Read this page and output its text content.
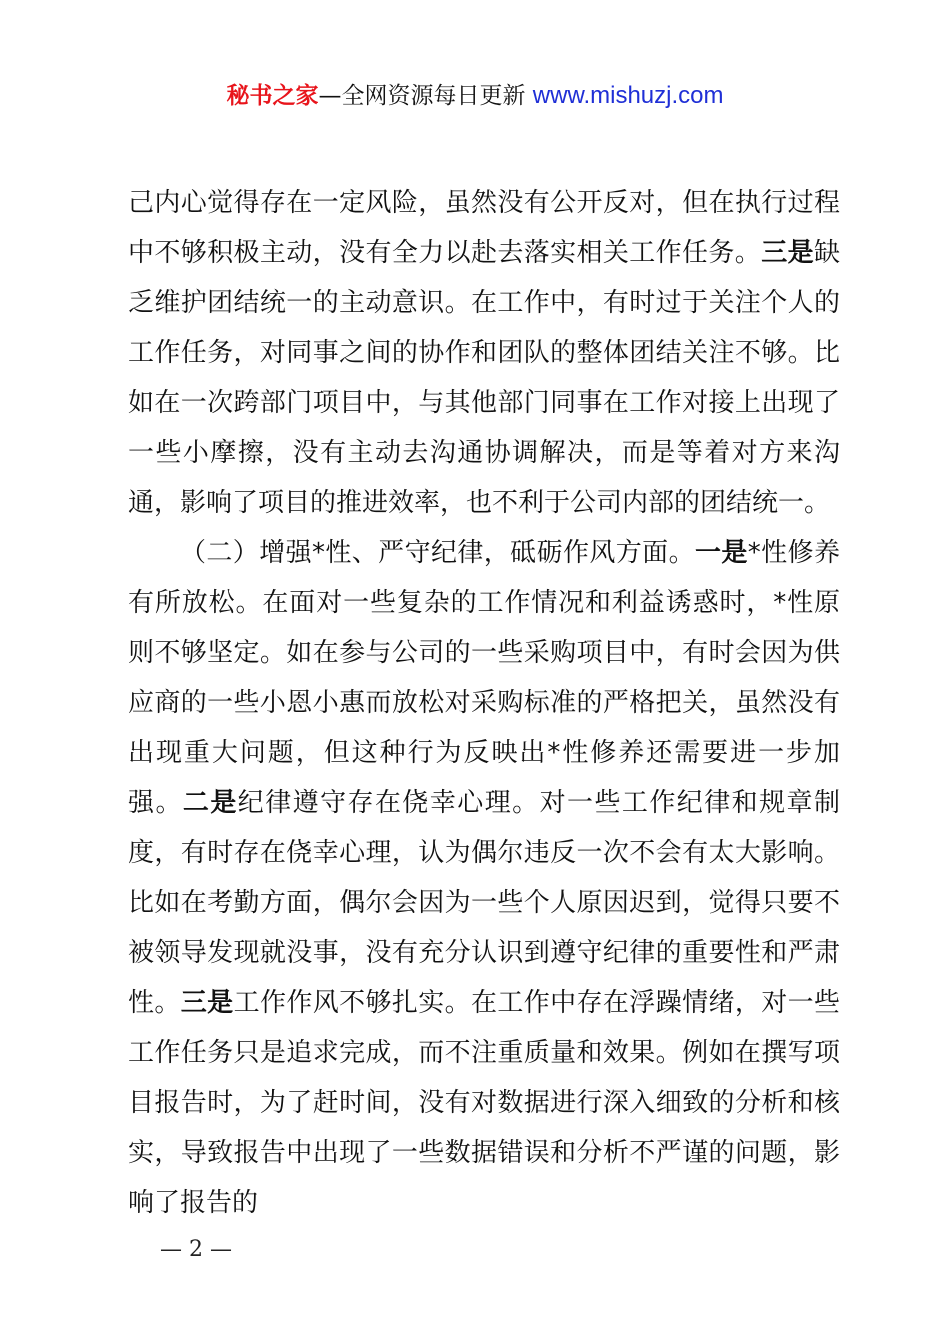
秘书之家—全网资源每日更新 www.mishuzj.com

己内心觉得存在一定风险，虽然没有公开反对，但在执行过程中不够积极主动，没有全力以赴去落实相关工作任务。三是缺乏维护团结统一的主动意识。在工作中，有时过于关注个人的工作任务，对同事之间的协作和团队的整体团结关注不够。比如在一次跨部门项目中，与其他部门同事在工作对接上出现了一些小摩擦，没有主动去沟通协调解决，而是等着对方来沟通，影响了项目的推进效率，也不利于公司内部的团结统一。

（二）增强*性、严守纪律，砥砺作风方面。一是*性修养有所放松。在面对一些复杂的工作情况和利益诱惑时，*性原则不够坚定。如在参与公司的一些采购项目中，有时会因为供应商的一些小恩小惠而放松对采购标准的严格把关，虽然没有出现重大问题，但这种行为反映出*性修养还需要进一步加强。二是纪律遵守存在侥幸心理。对一些工作纪律和规章制度，有时存在侥幸心理，认为偶尔违反一次不会有太大影响。比如在考勤方面，偶尔会因为一些个人原因迟到，觉得只要不被领导发现就没事，没有充分认识到遵守纪律的重要性和严肃性。三是工作作风不够扎实。在工作中存在浮躁情绪，对一些工作任务只是追求完成，而不注重质量和效果。例如在撰写项目报告时，为了赶时间，没有对数据进行深入细致的分析和核实，导致报告中出现了一些数据错误和分析不严谨的问题，影响了报告的

— 2 —
